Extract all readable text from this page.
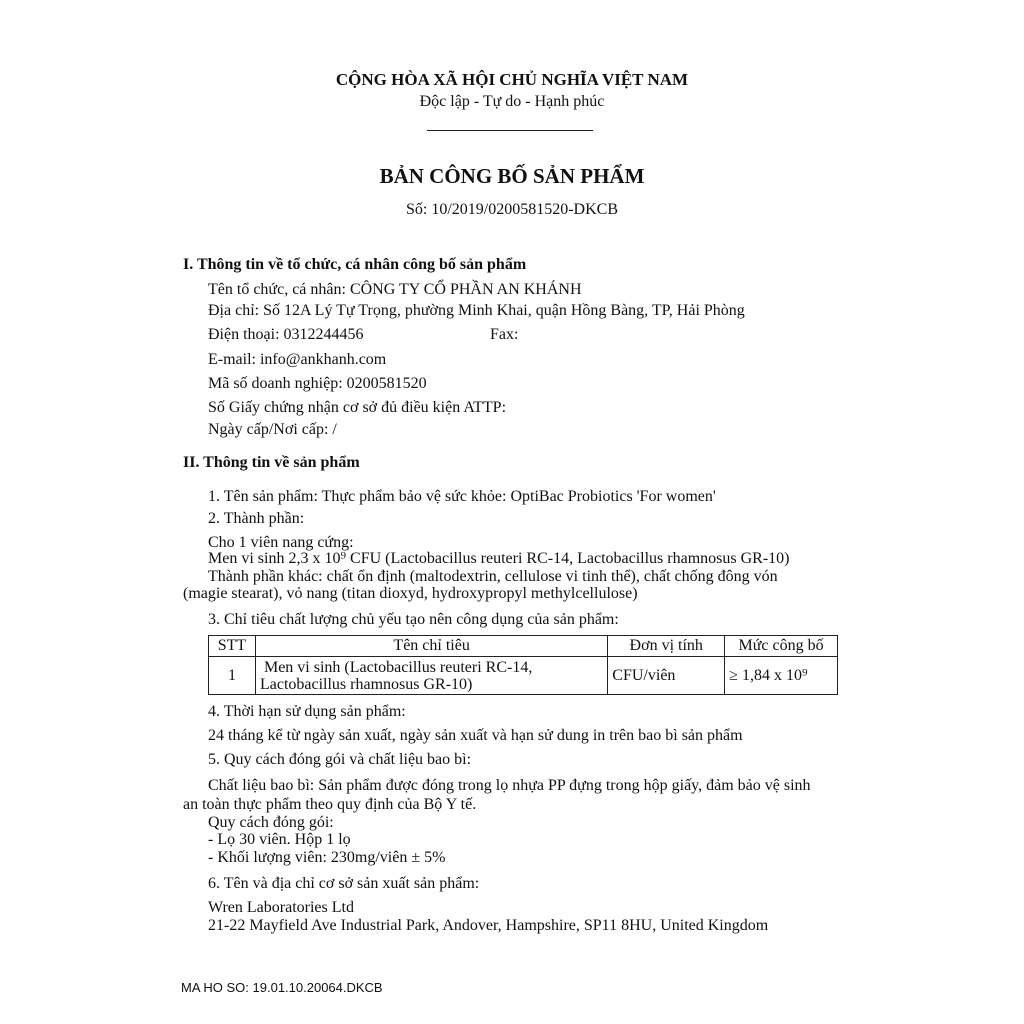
CỘNG HÒA XÃ HỘI CHỦ NGHĨA VIỆT NAM
Độc lập - Tự do - Hạnh phúc
BẢN CÔNG BỐ SẢN PHẨM
Số: 10/2019/0200581520-DKCB
I. Thông tin về tổ chức, cá nhân công bố sản phẩm
Tên tổ chức, cá nhân: CÔNG TY CỔ PHẦN AN KHÁNH
Địa chỉ: Số 12A Lý Tự Trọng, phường Minh Khai, quận Hồng Bàng, TP, Hải Phòng
Điện thoại: 0312244456	Fax:
E-mail: info@ankhanh.com
Mã số doanh nghiệp: 0200581520
Số Giấy chứng nhận cơ sở đủ điều kiện ATTP:
Ngày cấp/Nơi cấp: /
II. Thông tin về sản phẩm
1. Tên sản phẩm: Thực phẩm bảo vệ sức khỏe: OptiBac Probiotics 'For women'
2. Thành phần:
Cho 1 viên nang cứng:
Men vi sinh 2,3 x 10⁹ CFU (Lactobacillus reuteri RC-14, Lactobacillus rhamnosus GR-10)
Thành phần khác: chất ổn định (maltodextrin, cellulose vi tinh thể), chất chống đông vón
(magie stearat), vỏ nang (titan dioxyd, hydroxypropyl methylcellulose)
3. Chỉ tiêu chất lượng chủ yếu tạo nên công dụng của sản phẩm:
STT	Tên chỉ tiêu	Đơn vị tính	Mức công bố
1	Men vi sinh (Lactobacillus reuteri RC-14,
Lactobacillus rhamnosus GR-10)	CFU/viên	≥ 1,84 x 10⁹
4. Thời hạn sử dụng sản phẩm:
24 tháng kể từ ngày sản xuất, ngày sản xuất và hạn sử dung in trên bao bì sản phẩm
5. Quy cách đóng gói và chất liệu bao bì:
Chất liệu bao bì: Sản phẩm được đóng trong lọ nhựa PP đựng trong hộp giấy, đảm bảo vệ sinh
an toàn thực phẩm theo quy định của Bộ Y tế.
Quy cách đóng gói:
- Lọ 30 viên. Hộp 1 lọ
- Khối lượng viên: 230mg/viên ± 5%
6. Tên và địa chỉ cơ sở sản xuất sản phẩm:
Wren Laboratories Ltd
21-22 Mayfield Ave Industrial Park, Andover, Hampshire, SP11 8HU, United Kingdom
MA HO SO: 19.01.10.20064.DKCB
